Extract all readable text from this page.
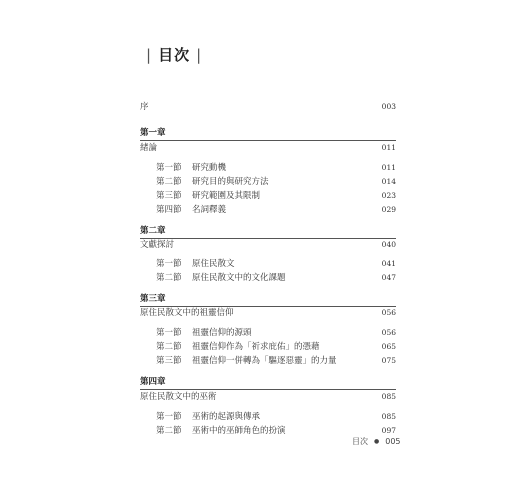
| 目次 |
序	003
第一章
緒論	011
第一節 研究動機	011
第二節 研究目的與研究方法	014
第三節 研究範圍及其限制	023
第四節 名詞釋義	029
第二章
文獻探討	040
第一節 原住民散文	041
第二節 原住民散文中的文化課題	047
第三章
原住民散文中的祖靈信仰	056
第一節 祖靈信仰的源頭	056
第二節 祖靈信仰作為「祈求庇佑」的憑藉	065
第三節 祖靈信仰一併轉為「驅逐惡靈」的力量	075
第四章
原住民散文中的巫術	085
第一節 巫術的起源與傳承	085
第二節 巫術中的巫師角色的扮演	097
目次 ● 005
